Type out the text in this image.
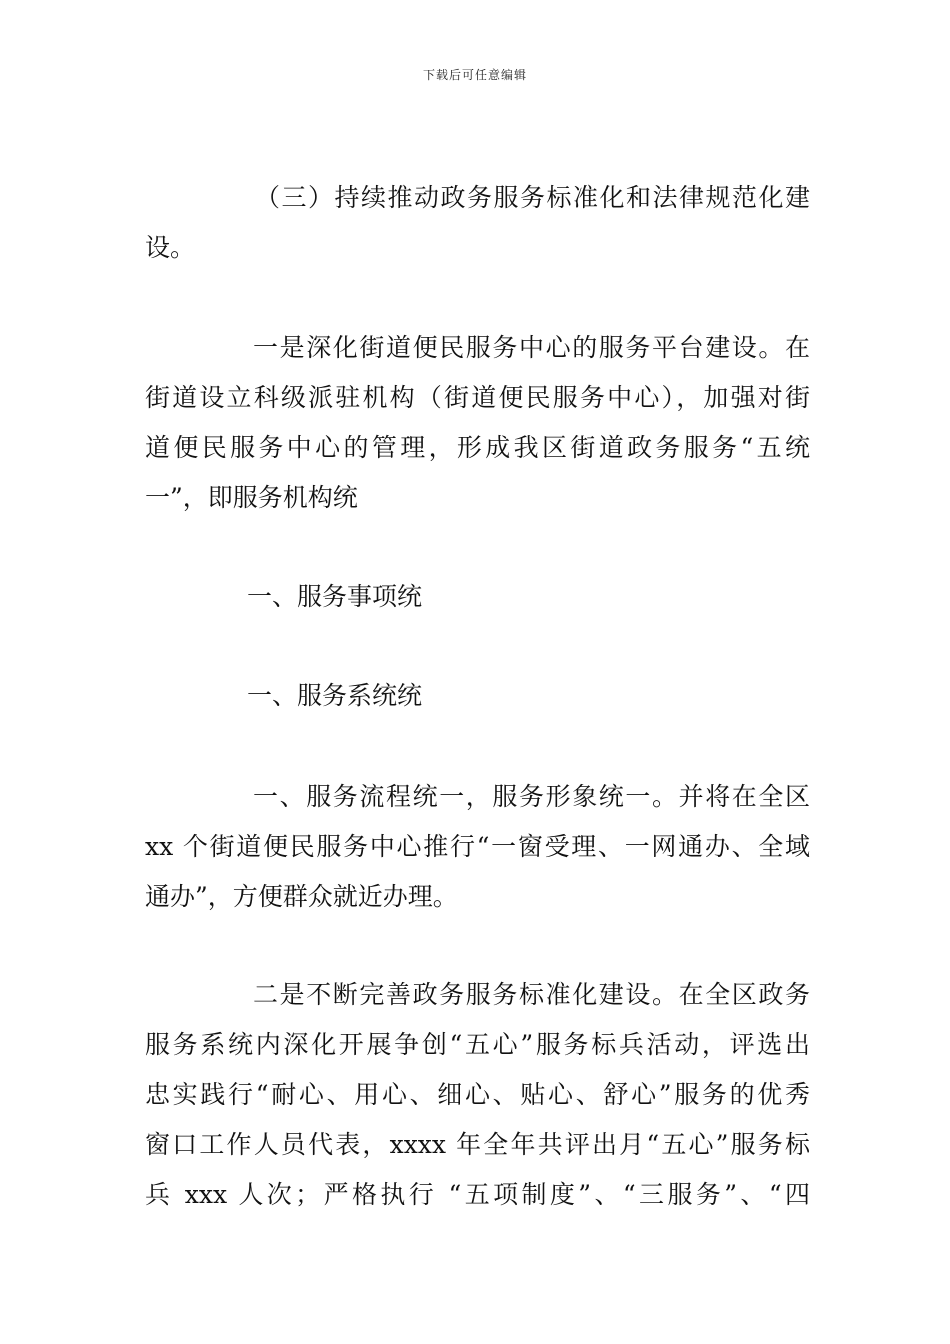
下载后可任意编辑
（三）持续推动政务服务标准化和法律规范化建
设。
一是深化街道便民服务中心的服务平台建设。在
街道设立科级派驻机构（街道便民服务中心），加强对街
道便民服务中心的管理，形成我区街道政务服务“五统
一”，即服务机构统
一、服务事项统
一、服务系统统
一、服务流程统一，服务形象统一。并将在全区
xx 个街道便民服务中心推行“一窗受理、一网通办、全域
通办”，方便群众就近办理。
二是不断完善政务服务标准化建设。在全区政务
服务系统内深化开展争创“五心”服务标兵活动，评选出
忠实践行“耐心、用心、细心、贴心、舒心”服务的优秀
窗口工作人员代表，xxxx 年全年共评出月“五心”服务标
兵 xxx 人次；严格执行 “五项制度”、“三服务”、“四
